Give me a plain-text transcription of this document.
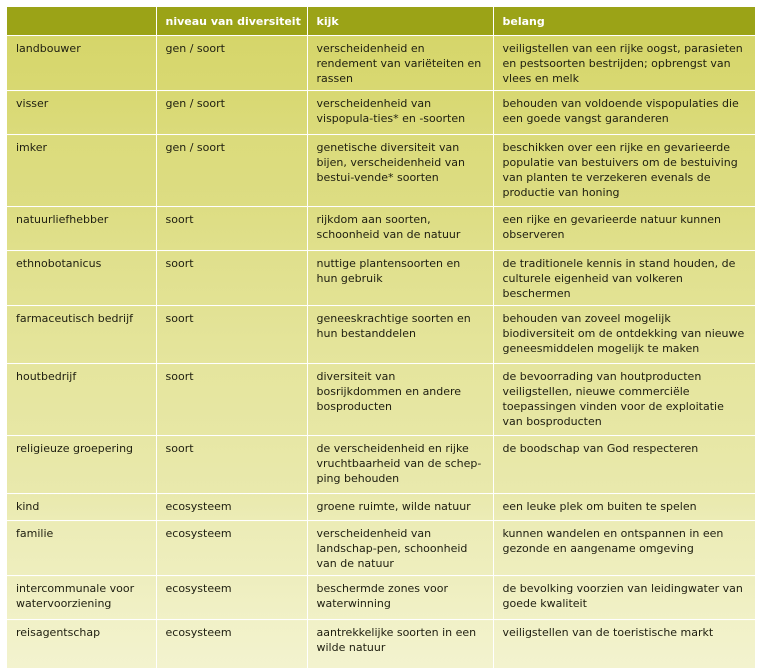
	niveau van diversiteit	kijk	belang
landbouwer	gen / soort	verscheidenheid en rendement van variëteiten en rassen	veiligstellen van een rijke oogst, parasieten en pestsoorten bestrijden; opbrengst van vlees en melk
visser	gen / soort	verscheidenheid van vispopula-ties* en -soorten	behouden van voldoende vispopulaties die een goede vangst garanderen
imker	gen / soort	genetische diversiteit van bijen, verscheidenheid van bestui-vende* soorten	beschikken over een rijke en gevarieerde populatie van bestuivers om de bestuiving van planten te verzekeren evenals de productie van honing
natuurliefhebber	soort	rijkdom aan soorten, schoonheid van de natuur	een rijke en gevarieerde natuur kunnen observeren
ethnobotanicus	soort	nuttige plantensoorten en hun gebruik	de traditionele kennis in stand houden, de culturele eigenheid van volkeren beschermen
farmaceutisch bedrijf	soort	geneeskrachtige soorten en hun bestanddelen	behouden van zoveel mogelijk biodiversiteit om de ontdekking van nieuwe geneesmiddelen mogelijk te maken
houtbedrijf	soort	diversiteit van bosrijkdommen en andere bosproducten	de bevoorrading van houtproducten veiligstellen, nieuwe commerciële toepassingen vinden voor de exploitatie van bosproducten
religieuze groepering	soort	de verscheidenheid en rijke vruchtbaarheid van de schep-ping behouden	de boodschap van God respecteren
kind	ecosysteem	groene ruimte, wilde natuur	een leuke plek om buiten te spelen
familie	ecosysteem	verscheidenheid van landschap-pen, schoonheid van de natuur	kunnen wandelen en ontspannen in een gezonde en aangename omgeving
intercommunale voor watervoorziening	ecosysteem	beschermde zones voor waterwinning	de bevolking voorzien van leidingwater van goede kwaliteit
reisagentschap	ecosysteem	aantrekkelijke soorten in een wilde natuur	veiligstellen van de toeristische markt
